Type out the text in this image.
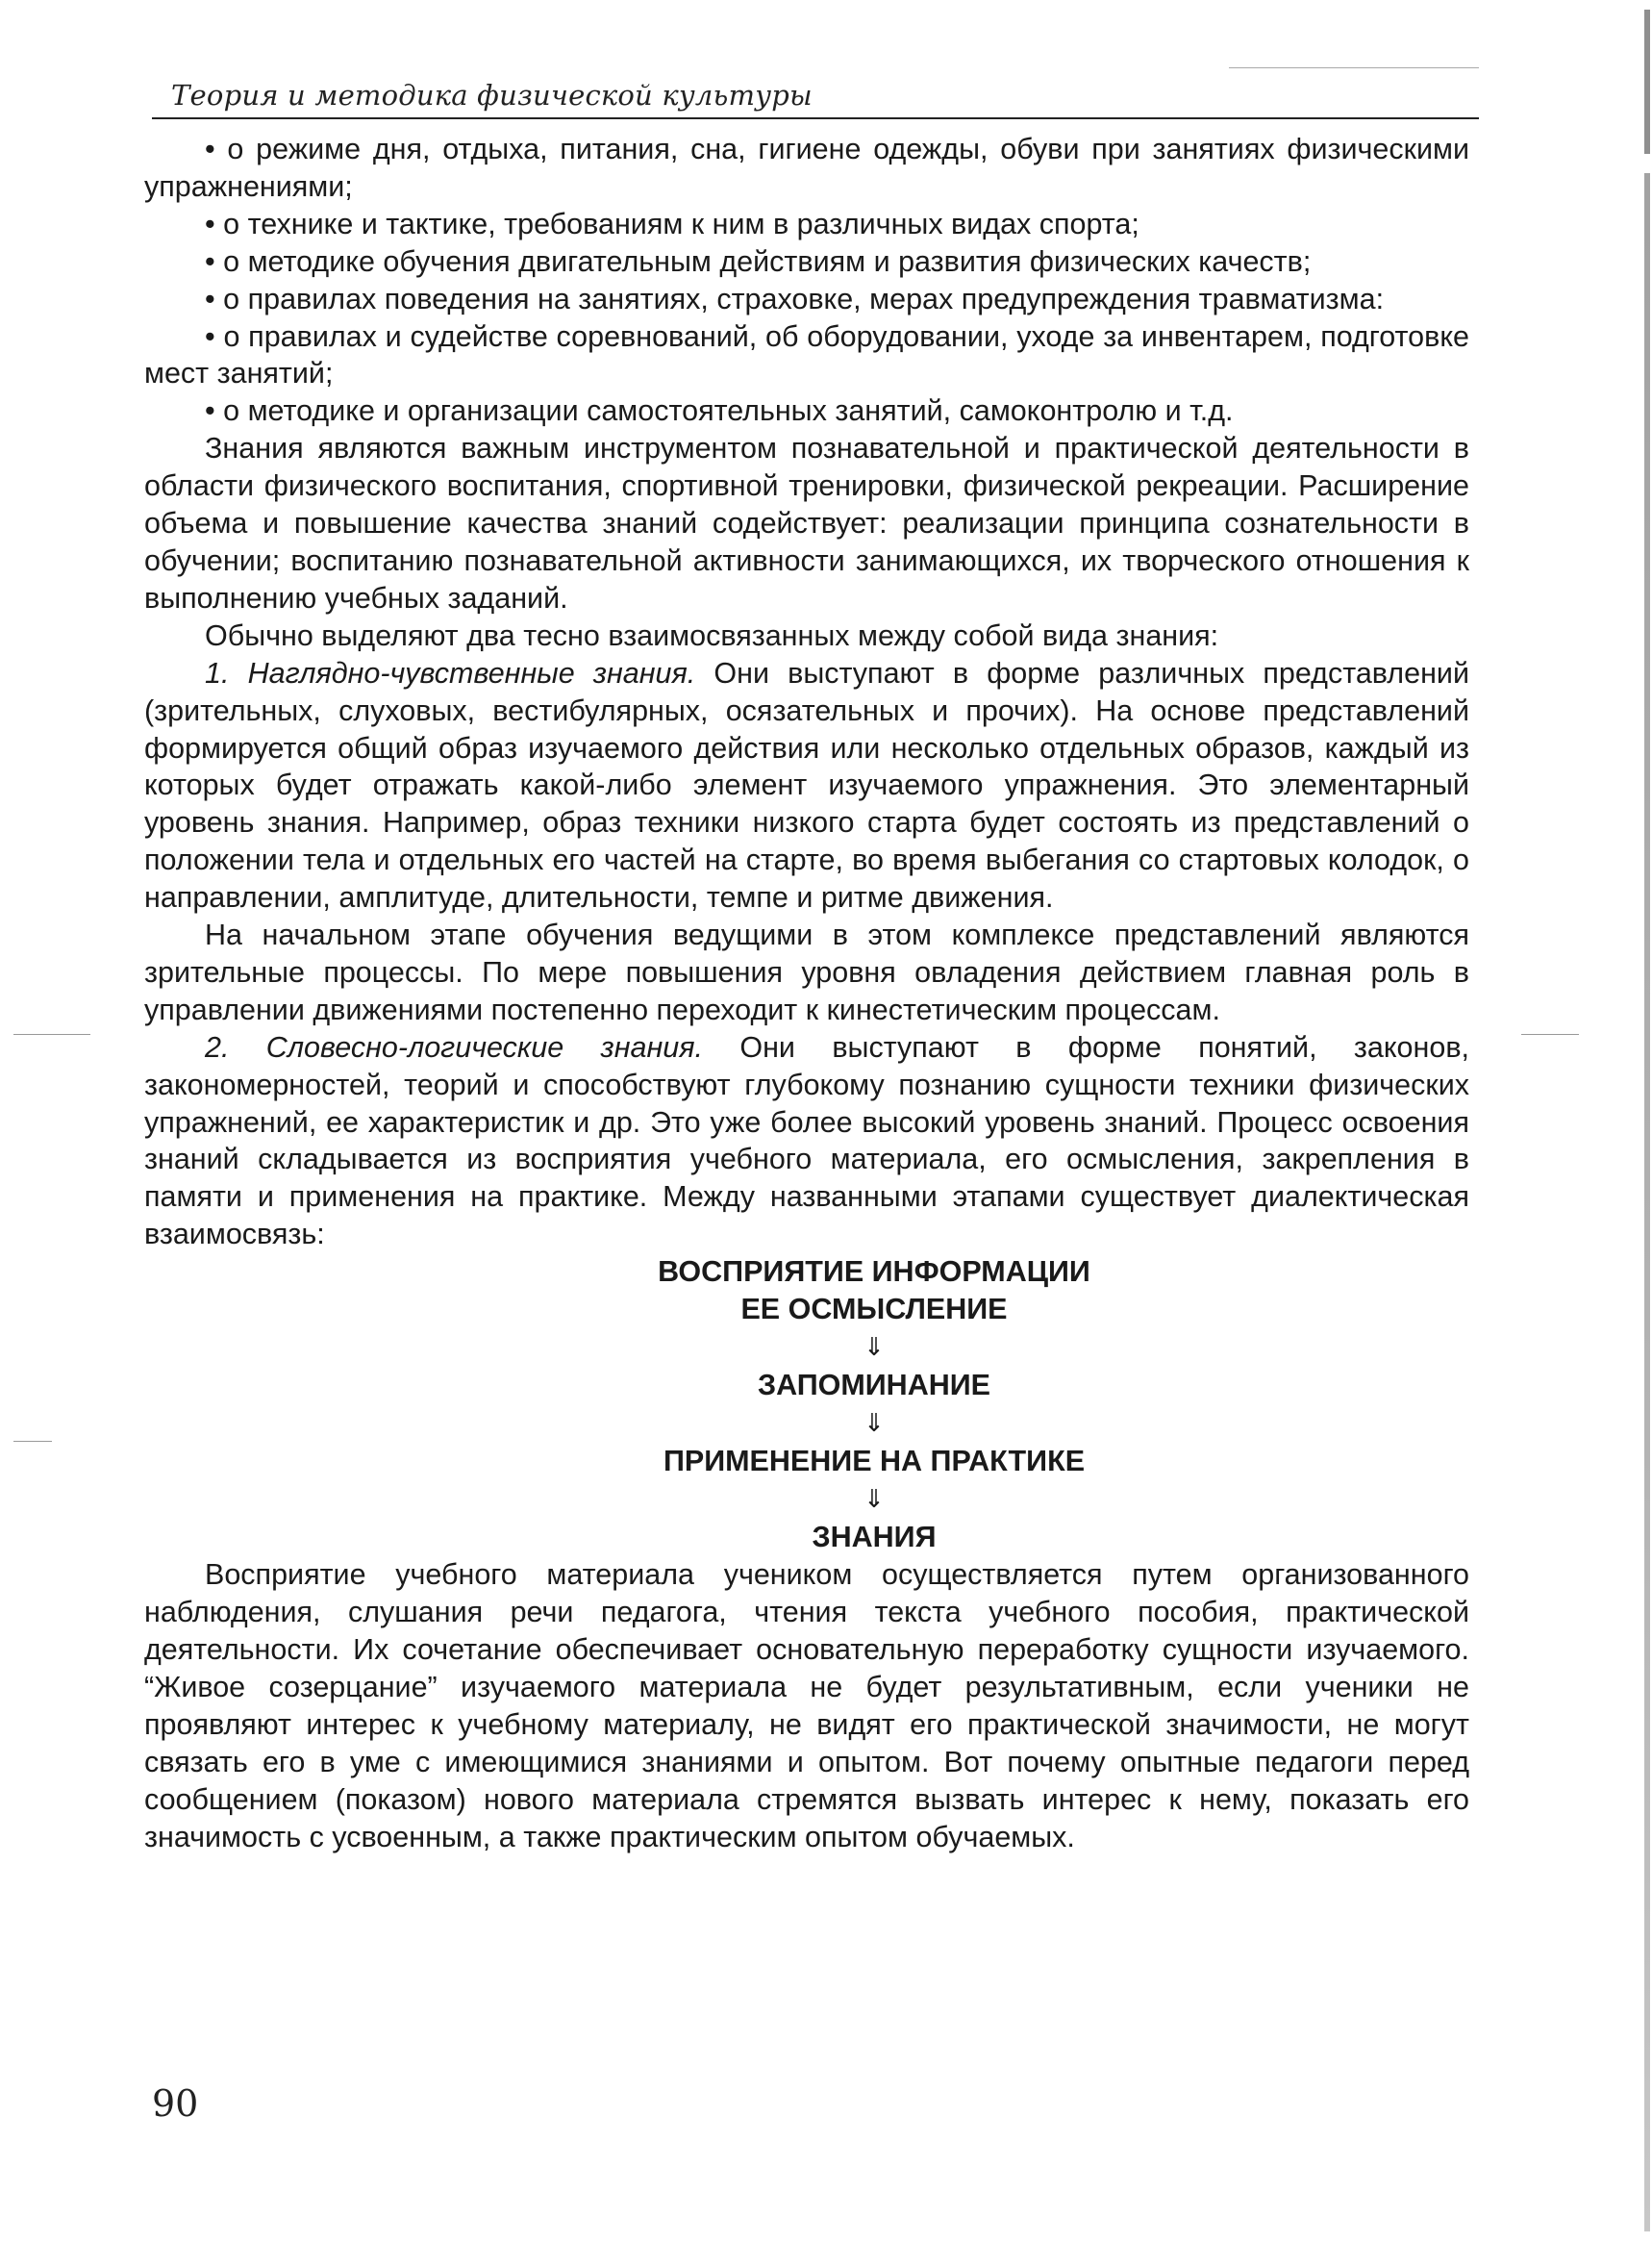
Теория и методика физической культуры

• о режиме дня, отдыха, питания, сна, гигиене одежды, обуви при занятиях физическими упражнениями;

• о технике и тактике, требованиям к ним в различных видах спорта;

• о методике обучения двигательным действиям и развития физических качеств;

• о правилах поведения на занятиях, страховке, мерах предупреждения травматизма:

• о правилах и судействе соревнований, об оборудовании, уходе за инвентарем, подготовке мест занятий;

• о методике и организации самостоятельных занятий, самоконтролю и т.д.

Знания являются важным инструментом познавательной и практической деятельности в области физического воспитания, спортивной тренировки, физической рекреации. Расширение объема и повышение качества знаний содействует: реализации принципа сознательности в обучении; воспитанию познавательной активности занимающихся, их творческого отношения к выполнению учебных заданий.

Обычно выделяют два тесно взаимосвязанных между собой вида знания:

1. Наглядно-чувственные знания. Они выступают в форме различных представлений (зрительных, слуховых, вестибулярных, осязательных и прочих). На основе представлений формируется общий образ изучаемого действия или несколько отдельных образов, каждый из которых будет отражать какой-либо элемент изучаемого упражнения. Это элементарный уровень знания. Например, образ техники низкого старта будет состоять из представлений о положении тела и отдельных его частей на старте, во время выбегания со стартовых колодок, о направлении, амплитуде, длительности, темпе и ритме движения.

На начальном этапе обучения ведущими в этом комплексе представлений являются зрительные процессы. По мере повышения уровня овладения действием главная роль в управлении движениями постепенно переходит к кинестетическим процессам.

2. Словесно-логические знания. Они выступают в форме понятий, законов, закономерностей, теорий и способствуют глубокому познанию сущности техники физических упражнений, ее характеристик и др. Это уже более высокий уровень знаний. Процесс освоения знаний складывается из восприятия учебного материала, его осмысления, закрепления в памяти и применения на практике. Между названными этапами существует диалектическая взаимосвязь:

ВОСПРИЯТИЕ ИНФОРМАЦИИ
ЕЕ ОСМЫСЛЕНИЕ
⇓
ЗАПОМИНАНИЕ
⇓
ПРИМЕНЕНИЕ НА ПРАКТИКЕ
⇓
ЗНАНИЯ

Восприятие учебного материала учеником осуществляется путем организованного наблюдения, слушания речи педагога, чтения текста учебного пособия, практической деятельности. Их сочетание обеспечивает основательную переработку сущности изучаемого. “Живое созерцание” изучаемого материала не будет результативным, если ученики не проявляют интерес к учебному материалу, не видят его практической значимости, не могут связать его в уме с имеющимися знаниями и опытом. Вот почему опытные педагоги перед сообщением (показом) нового материала стремятся вызвать интерес к нему, показать его значимость с усвоенным, а также практическим опытом обучаемых.

90
